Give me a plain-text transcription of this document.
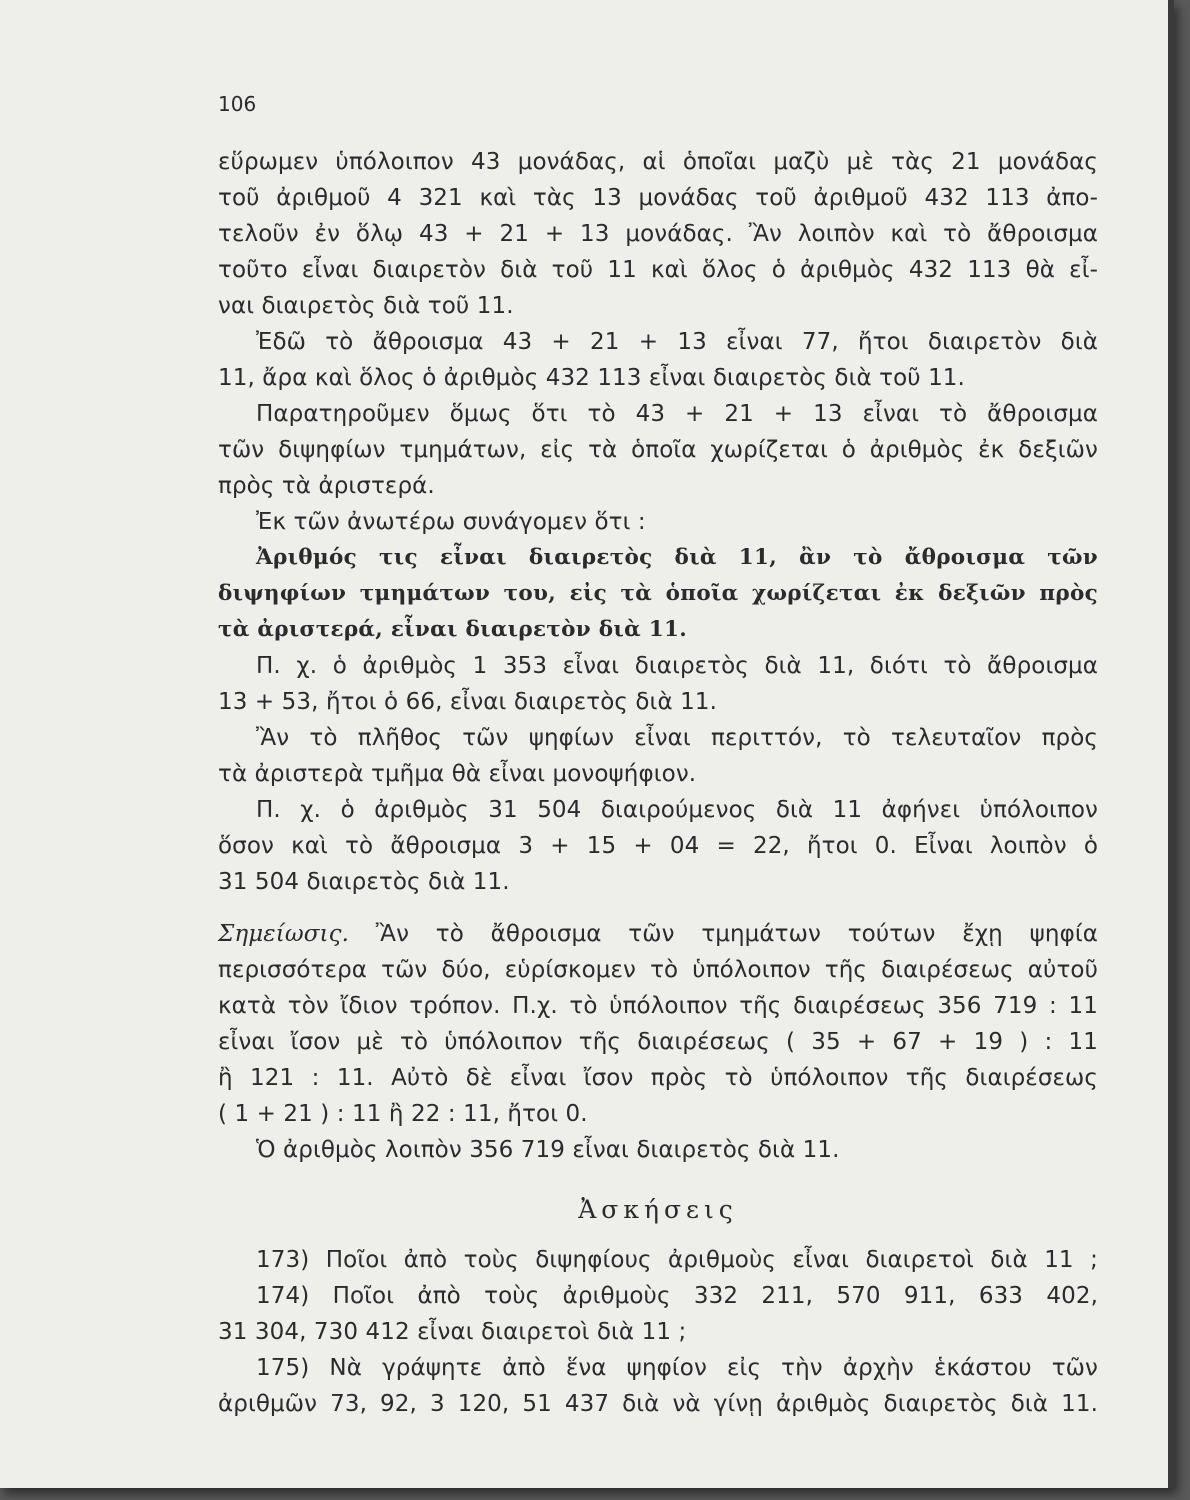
106
εὕρωμεν ὑπόλοιπον 43 μονάδας, αἱ ὁποῖαι μαζὺ μὲ τὰς 21 μονάδας
τοῦ ἀριθμοῦ 4 321 καὶ τὰς 13 μονάδας τοῦ ἀριθμοῦ 432 113 ἀπο-
τελοῦν ἐν ὅλῳ 43 + 21 + 13 μονάδας. Ἂν λοιπὸν καὶ τὸ ἄθροισμα
τοῦτο εἶναι διαιρετὸν διὰ τοῦ 11 καὶ ὅλος ὁ ἀριθμὸς 432 113 θὰ εἶ-
ναι διαιρετὸς διὰ τοῦ 11.
Ἐδῶ τὸ ἄθροισμα 43 + 21 + 13 εἶναι 77, ἤτοι διαιρετὸν διὰ
11, ἄρα καὶ ὅλος ὁ ἀριθμὸς 432 113 εἶναι διαιρετὸς διὰ τοῦ 11.
Παρατηροῦμεν ὅμως ὅτι τὸ 43 + 21 + 13 εἶναι τὸ ἄθροισμα
τῶν διψηφίων τμημάτων, εἰς τὰ ὁποῖα χωρίζεται ὁ ἀριθμὸς ἐκ δεξιῶν
πρὸς τὰ ἀριστερά.
Ἐκ τῶν ἀνωτέρω συνάγομεν ὅτι :
Ἀριθμός τις εἶναι διαιρετὸς διὰ 11, ἂν τὸ ἄθροισμα τῶν
διψηφίων τμημάτων του, εἰς τὰ ὁποῖα χωρίζεται ἐκ δεξιῶν πρὸς
τὰ ἀριστερά, εἶναι διαιρετὸν διὰ 11.
Π. χ. ὁ ἀριθμὸς 1 353 εἶναι διαιρετὸς διὰ 11, διότι τὸ ἄθροισμα
13 + 53, ἤτοι ὁ 66, εἶναι διαιρετὸς διὰ 11.
Ἂν τὸ πλῆθος τῶν ψηφίων εἶναι περιττόν, τὸ τελευταῖον πρὸς
τὰ ἀριστερὰ τμῆμα θὰ εἶναι μονοψήφιον.
Π. χ. ὁ ἀριθμὸς 31 504 διαιρούμενος διὰ 11 ἀφήνει ὑπόλοιπον
ὅσον καὶ τὸ ἄθροισμα 3 + 15 + 04 = 22, ἤτοι 0. Εἶναι λοιπὸν ὁ
31 504 διαιρετὸς διὰ 11.
Σημείωσις. Ἂν τὸ ἄθροισμα τῶν τμημάτων τούτων ἔχῃ ψηφία
περισσότερα τῶν δύο, εὑρίσκομεν τὸ ὑπόλοιπον τῆς διαιρέσεως αὐτοῦ
κατὰ τὸν ἴδιον τρόπον. Π.χ. τὸ ὑπόλοιπον τῆς διαιρέσεως 356 719 : 11
εἶναι ἴσον μὲ τὸ ὑπόλοιπον τῆς διαιρέσεως ( 35 + 67 + 19 ) : 11
ἢ 121 : 11. Αὐτὸ δὲ εἶναι ἴσον πρὸς τὸ ὑπόλοιπον τῆς διαιρέσεως
( 1 + 21 ) : 11 ἢ 22 : 11, ἤτοι 0.
Ὁ ἀριθμὸς λοιπὸν 356 719 εἶναι διαιρετὸς διὰ 11.
Ἀσκήσεις
173) Ποῖοι ἀπὸ τοὺς διψηφίους ἀριθμοὺς εἶναι διαιρετοὶ διὰ 11 ;
174) Ποῖοι ἀπὸ τοὺς ἀριθμοὺς 332 211, 570 911, 633 402,
31 304, 730 412 εἶναι διαιρετοὶ διὰ 11 ;
175) Νὰ γράψητε ἀπὸ ἕνα ψηφίον εἰς τὴν ἀρχὴν ἑκάστου τῶν
ἀριθμῶν 73, 92, 3 120, 51 437 διὰ νὰ γίνῃ ἀριθμὸς διαιρετὸς διὰ 11.
